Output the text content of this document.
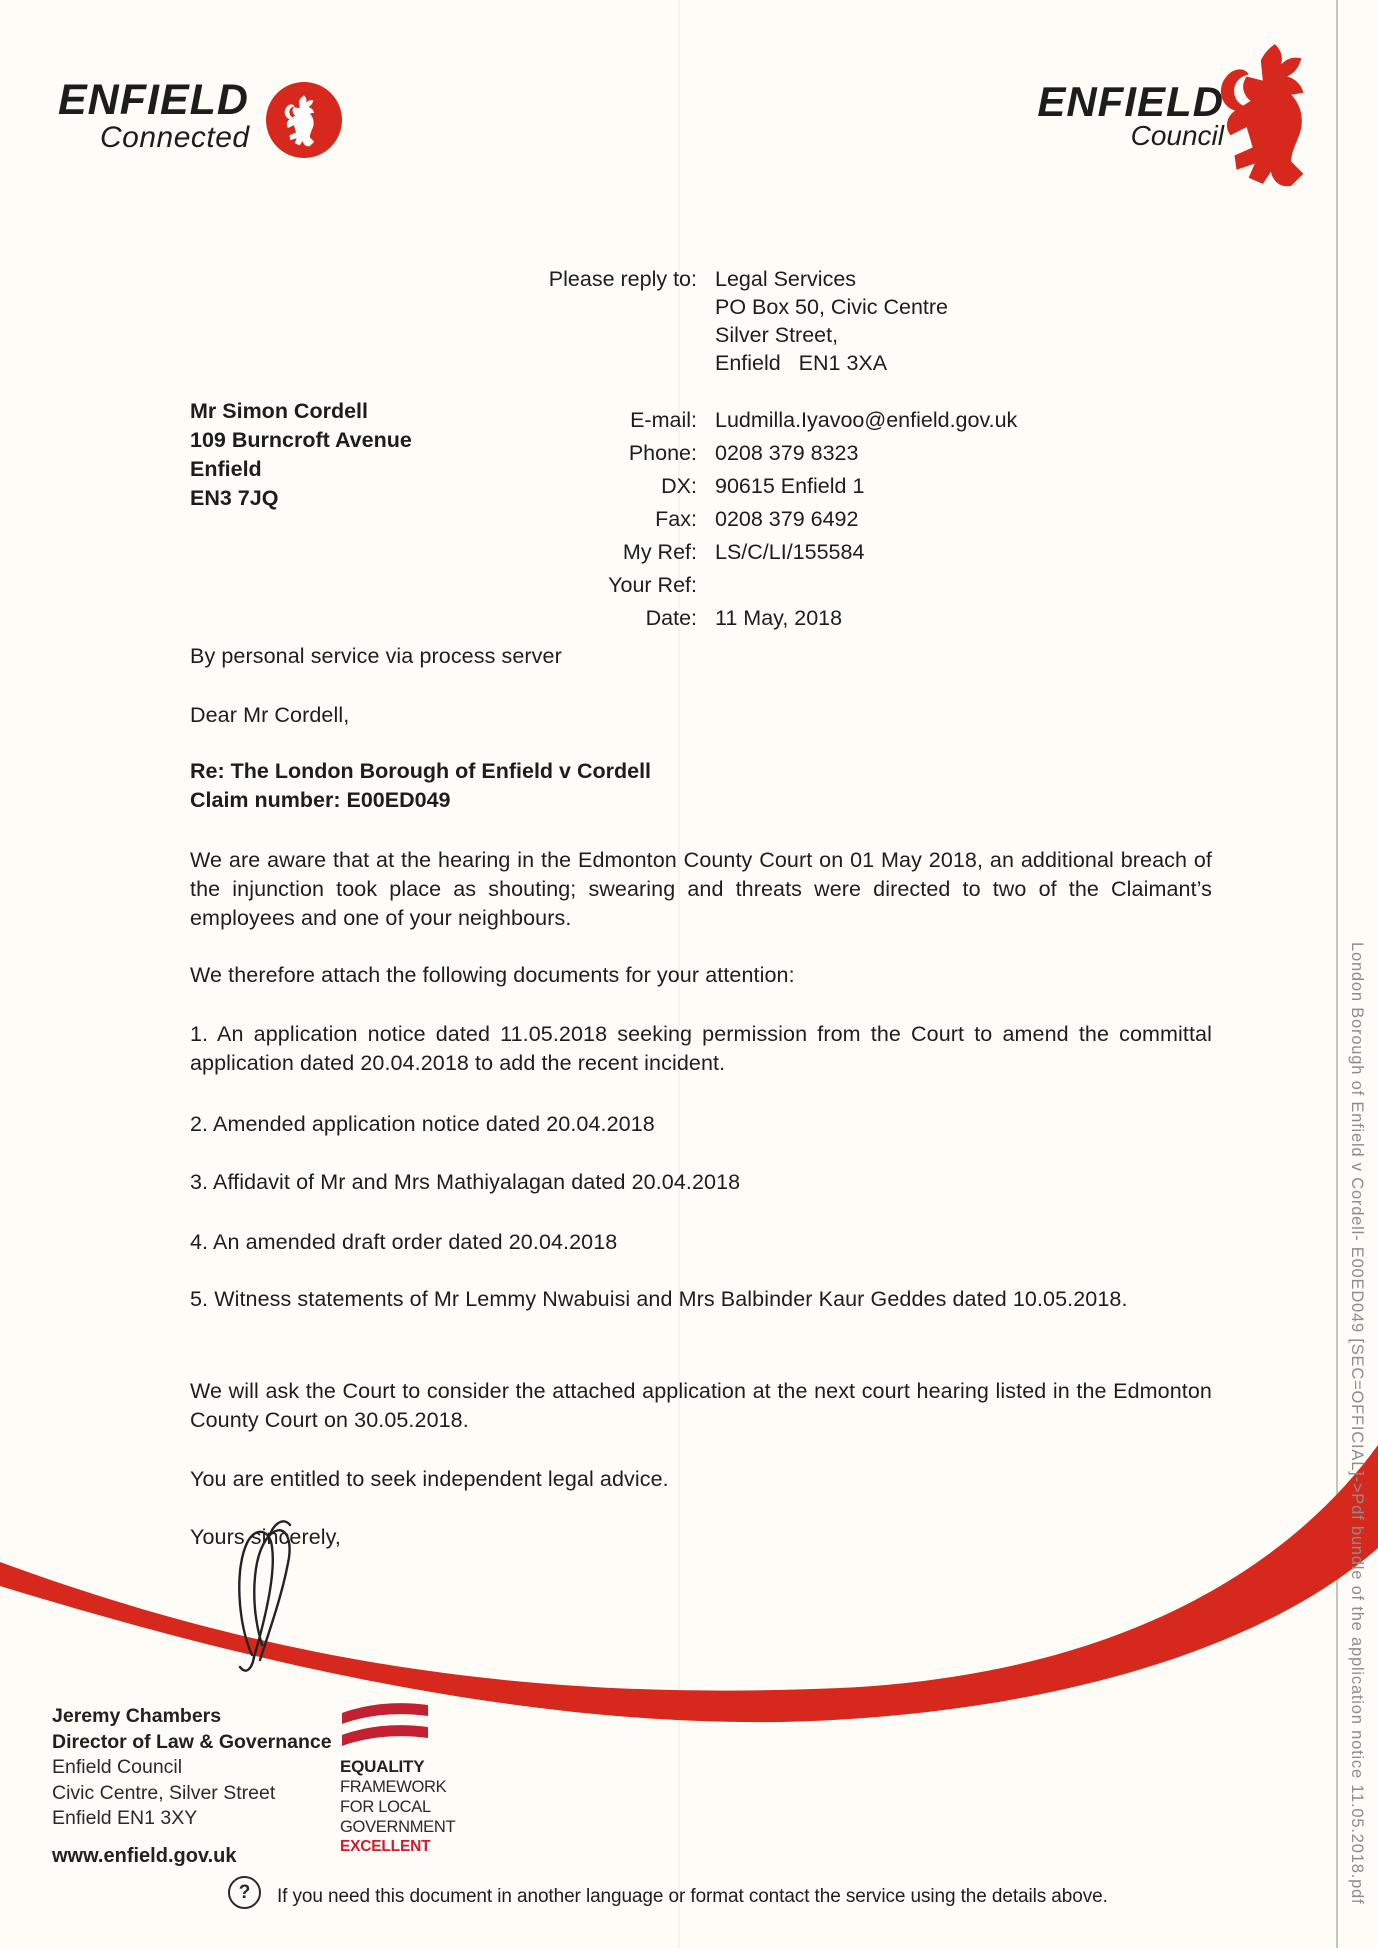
ENFIELD
Connected
ENFIELD
Council
Please reply to: Legal Services
PO Box 50, Civic Centre
Silver Street,
Enfield   EN1 3XA
Mr Simon Cordell
109 Burncroft Avenue
Enfield
EN3 7JQ
E-mail: Ludmilla.Iyavoo@enfield.gov.uk
Phone: 0208 379 8323
DX: 90615 Enfield 1
Fax: 0208 379 6492
My Ref: LS/C/LI/155584
Your Ref:
Date: 11 May, 2018
By personal service via process server
Dear Mr Cordell,
Re: The London Borough of Enfield v Cordell
Claim number: E00ED049
We are aware that at the hearing in the Edmonton County Court on 01 May 2018, an additional breach of the injunction took place as shouting; swearing and threats were directed to two of the Claimant’s employees and one of your neighbours.
We therefore attach the following documents for your attention:
1. An application notice dated 11.05.2018 seeking permission from the Court to amend the committal application dated 20.04.2018 to add the recent incident.
2. Amended application notice dated 20.04.2018
3. Affidavit of Mr and Mrs Mathiyalagan dated 20.04.2018
4. An amended draft order dated 20.04.2018
5. Witness statements of Mr Lemmy Nwabuisi and Mrs Balbinder Kaur Geddes dated 10.05.2018.
We will ask the Court to consider the attached application at the next court hearing listed in the Edmonton County Court on 30.05.2018.
You are entitled to seek independent legal advice.
Yours sincerely,
Jeremy Chambers
Director of Law & Governance
Enfield Council
Civic Centre, Silver Street
Enfield EN1 3XY
www.enfield.gov.uk
EQUALITY
FRAMEWORK
FOR LOCAL
GOVERNMENT
EXCELLENT
?	If you need this document in another language or format contact the service using the details above.	London Borough of Enfield v Cordell- E00ED049 [SEC=OFFICIAL]->Pdf bundle of the application notice 11.05.2018.pdf
